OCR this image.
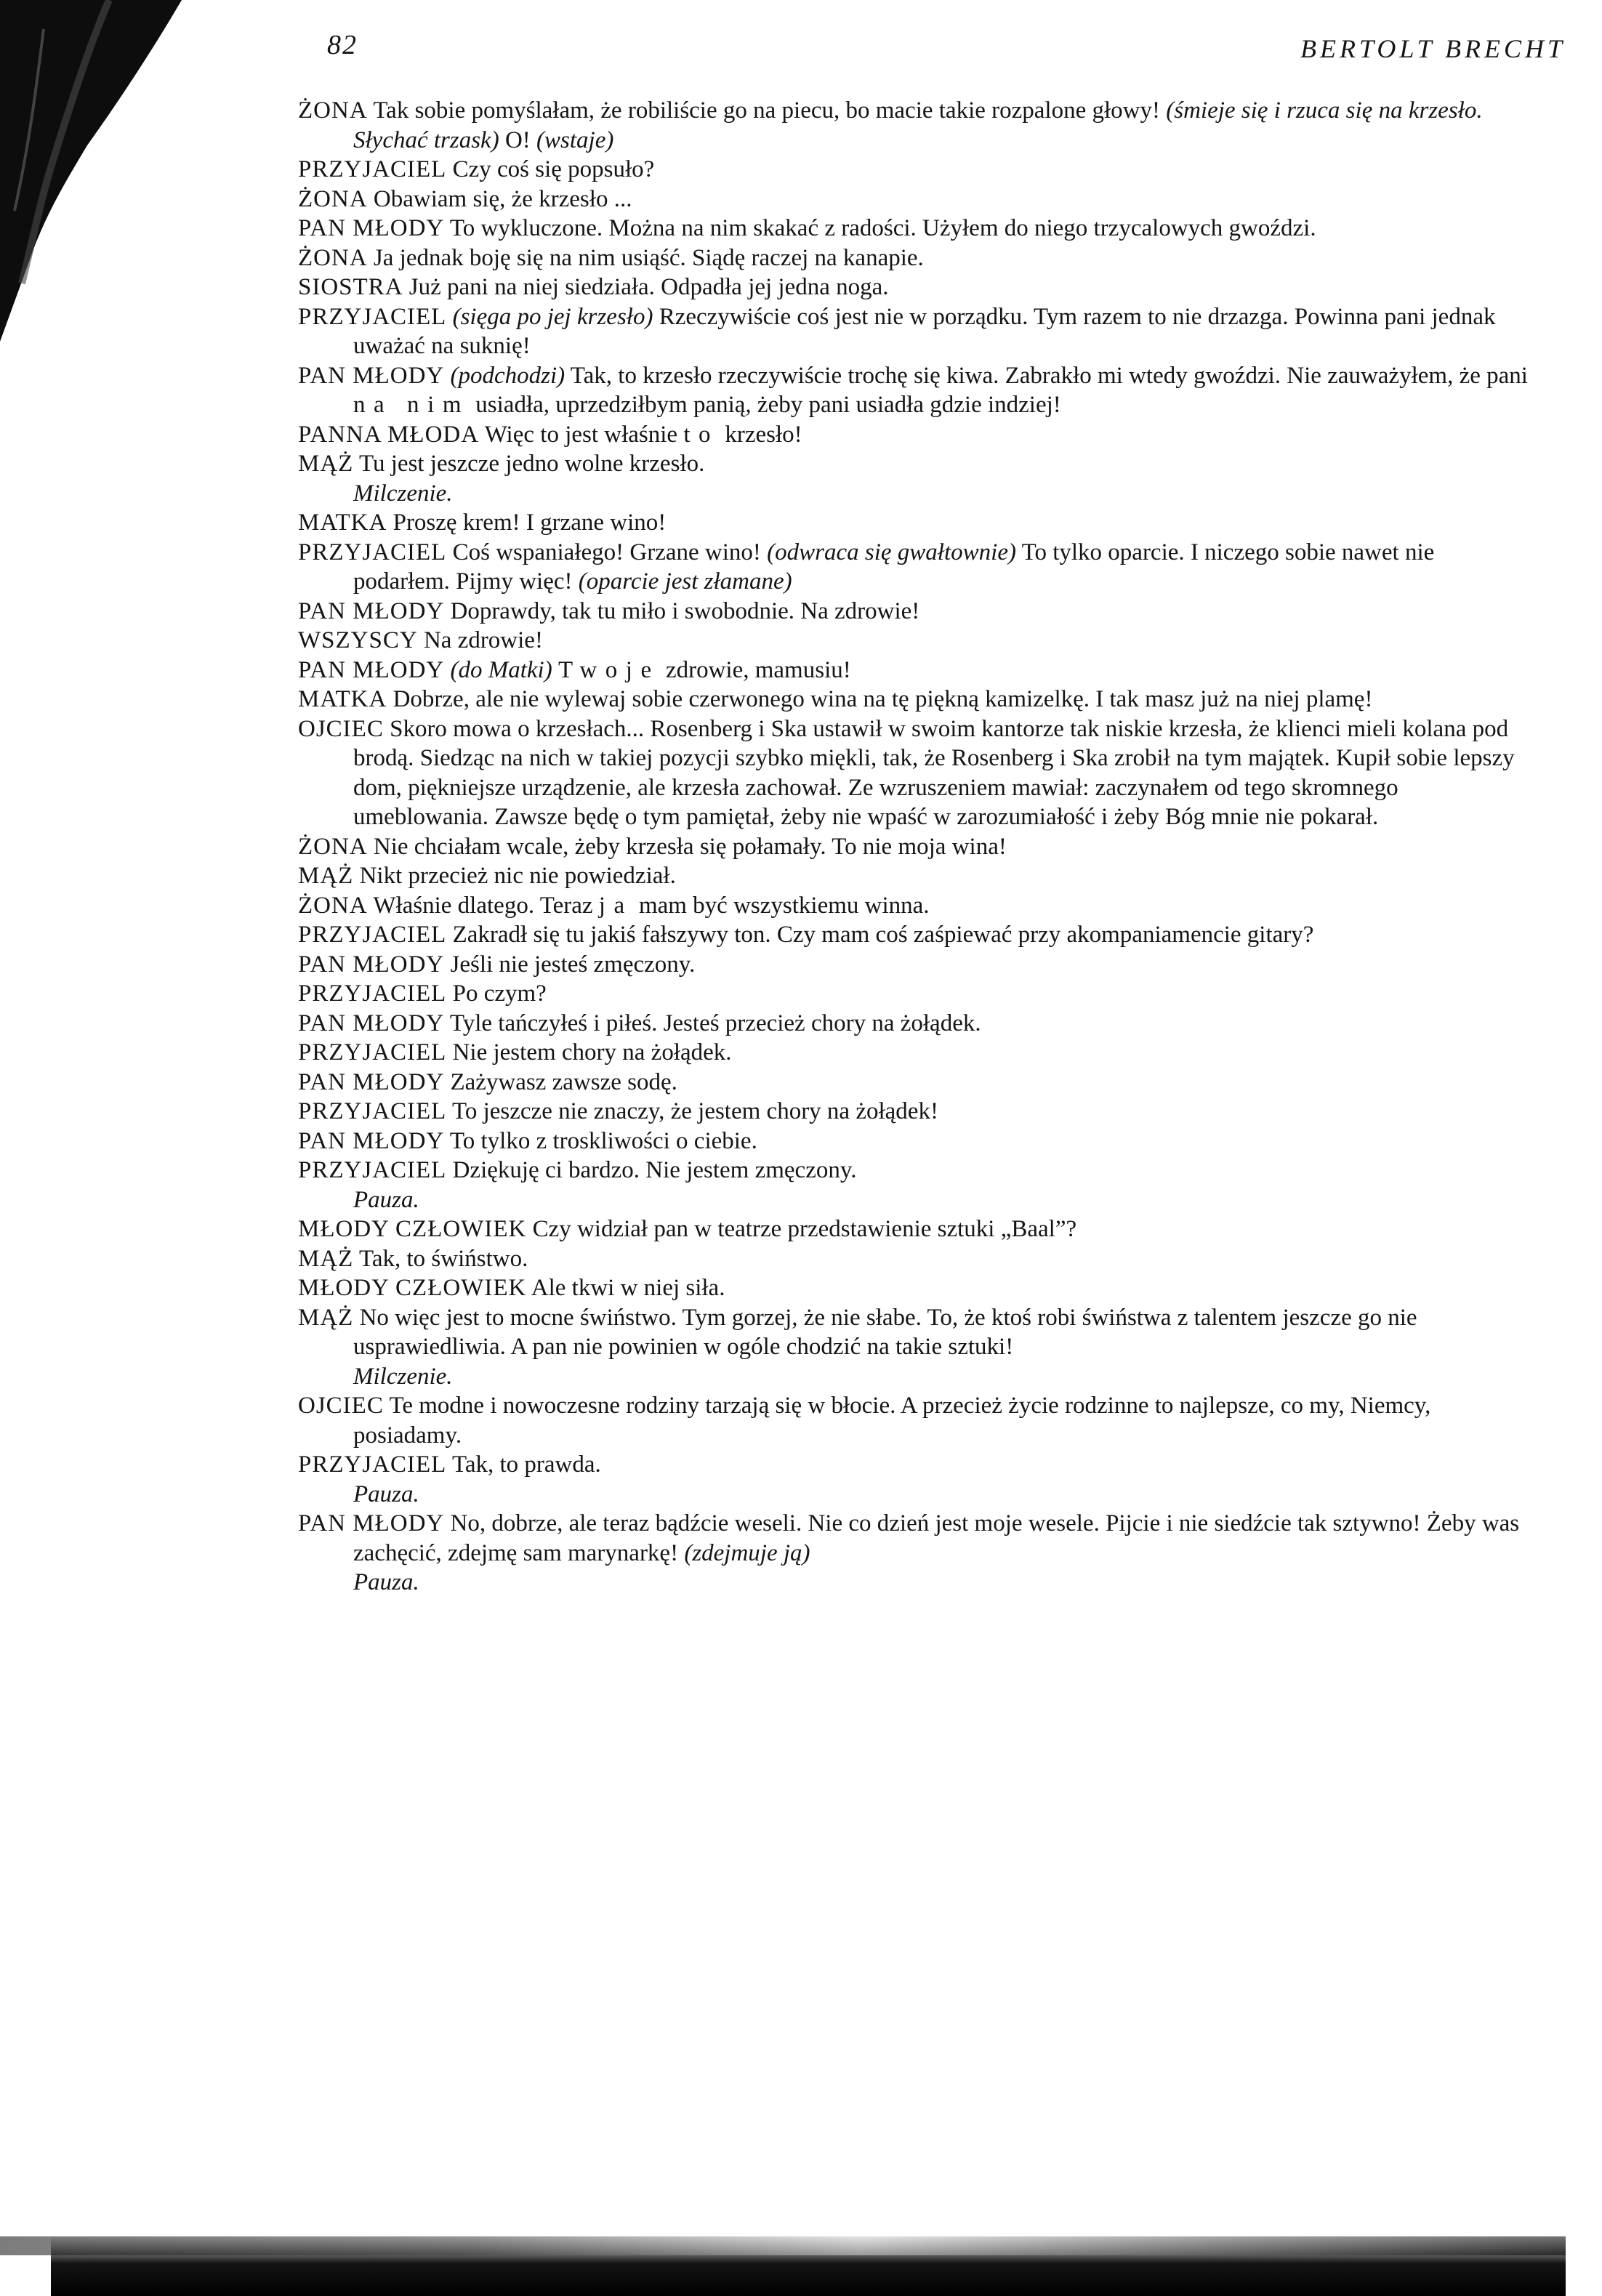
82	BERTOLT BRECHT
ŻONA Tak sobie pomyślałam, że robiliście go na piecu, bo macie takie rozpalone głowy! (śmieje się i rzuca się na krzesło. Słychać trzask) O! (wstaje)
PRZYJACIEL Czy coś się popsuło?
ŻONA Obawiam się, że krzesło ...
PAN MŁODY To wykluczone. Można na nim skakać z radości. Użyłem do niego trzycalowych gwoździ.
ŻONA Ja jednak boję się na nim usiąść. Siądę raczej na kanapie.
SIOSTRA Już pani na niej siedziała. Odpadła jej jedna noga.
PRZYJACIEL (sięga po jej krzesło) Rzeczywiście coś jest nie w porządku. Tym razem to nie drzazga. Powinna pani jednak uważać na suknię!
PAN MŁODY (podchodzi) Tak, to krzesło rzeczywiście trochę się kiwa. Zabrakło mi wtedy gwoździ. Nie zauważyłem, że pani na nim usiadła, uprzedziłbym panią, żeby pani usiadła gdzie indziej!
PANNA MŁODA Więc to jest właśnie to krzesło!
MĄŻ Tu jest jeszcze jedno wolne krzesło.
Milczenie.
MATKA Proszę krem! I grzane wino!
PRZYJACIEL Coś wspaniałego! Grzane wino! (odwraca się gwałtownie) To tylko oparcie. I niczego sobie nawet nie podarłem. Pijmy więc! (oparcie jest złamane)
PAN MŁODY Doprawdy, tak tu miło i swobodnie. Na zdrowie!
WSZYSCY Na zdrowie!
PAN MŁODY (do Matki) Twoje zdrowie, mamusiu!
MATKA Dobrze, ale nie wylewaj sobie czerwonego wina na tę piękną kamizelkę. I tak masz już na niej plamę!
OJCIEC Skoro mowa o krzesłach... Rosenberg i Ska ustawił w swoim kantorze tak niskie krzesła, że klienci mieli kolana pod brodą. Siedząc na nich w takiej pozycji szybko miękli, tak, że Rosenberg i Ska zrobił na tym majątek. Kupił sobie lepszy dom, piękniejsze urządzenie, ale krzesła zachował. Ze wzruszeniem mawiał: zaczynałem od tego skromnego umeblowania. Zawsze będę o tym pamiętał, żeby nie wpaść w zarozumiałość i żeby Bóg mnie nie pokarał.
ŻONA Nie chciałam wcale, żeby krzesła się połamały. To nie moja wina!
MĄŻ Nikt przecież nic nie powiedział.
ŻONA Właśnie dlatego. Teraz ja mam być wszystkiemu winna.
PRZYJACIEL Zakradł się tu jakiś fałszywy ton. Czy mam coś zaśpiewać przy akompaniamencie gitary?
PAN MŁODY Jeśli nie jesteś zmęczony.
PRZYJACIEL Po czym?
PAN MŁODY Tyle tańczyłeś i piłeś. Jesteś przecież chory na żołądek.
PRZYJACIEL Nie jestem chory na żołądek.
PAN MŁODY Zażywasz zawsze sodę.
PRZYJACIEL To jeszcze nie znaczy, że jestem chory na żołądek!
PAN MŁODY To tylko z troskliwości o ciebie.
PRZYJACIEL Dziękuję ci bardzo. Nie jestem zmęczony.
Pauza.
MŁODY CZŁOWIEK Czy widział pan w teatrze przedstawienie sztuki „Baal”?
MĄŻ Tak, to świństwo.
MŁODY CZŁOWIEK Ale tkwi w niej siła.
MĄŻ No więc jest to mocne świństwo. Tym gorzej, że nie słabe. To, że ktoś robi świństwa z talentem jeszcze go nie usprawiedliwia. A pan nie powinien w ogóle chodzić na takie sztuki!
Milczenie.
OJCIEC Te modne i nowoczesne rodziny tarzają się w błocie. A przecież życie rodzinne to najlepsze, co my, Niemcy, posiadamy.
PRZYJACIEL Tak, to prawda.
Pauza.
PAN MŁODY No, dobrze, ale teraz bądźcie weseli. Nie co dzień jest moje wesele. Pijcie i nie siedźcie tak sztywno! Żeby was zachęcić, zdejmę sam marynarkę! (zdejmuje ją)
Pauza.
